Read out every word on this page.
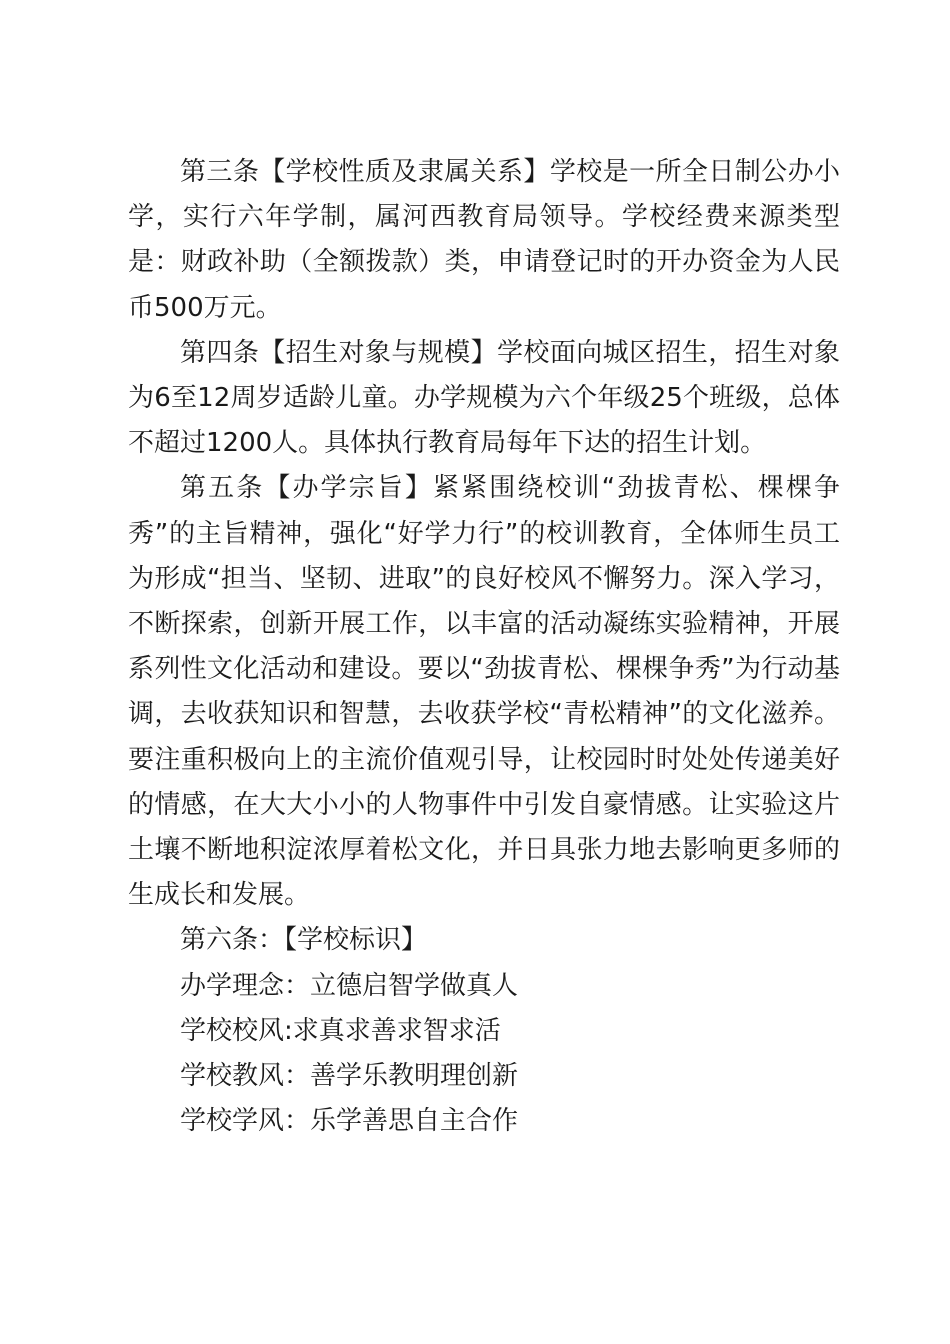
第三条【学校性质及隶属关系】学校是一所全日制公办小学，实行六年学制，属河西教育局领导。学校经费来源类型是：财政补助（全额拨款）类，申请登记时的开办资金为人民币500万元。

第四条【招生对象与规模】学校面向城区招生，招生对象为6至12周岁适龄儿童。办学规模为六个年级25个班级，总体不超过1200人。具体执行教育局每年下达的招生计划。

第五条【办学宗旨】紧紧围绕校训“劲拔青松、棵棵争秀”的主旨精神，强化“好学力行”的校训教育，全体师生员工为形成“担当、坚韧、进取”的良好校风不懈努力。深入学习，不断探索，创新开展工作，以丰富的活动凝练实验精神，开展系列性文化活动和建设。要以“劲拔青松、棵棵争秀”为行动基调，去收获知识和智慧，去收获学校“青松精神”的文化滋养。要注重积极向上的主流价值观引导，让校园时时处处传递美好的情感，在大大小小的人物事件中引发自豪情感。让实验这片土壤不断地积淀浓厚着松文化，并日具张力地去影响更多师的生成长和发展。

第六条：【学校标识】

办学理念：立德启智学做真人

学校校风:求真求善求智求活

学校教风：善学乐教明理创新

学校学风：乐学善思自主合作
